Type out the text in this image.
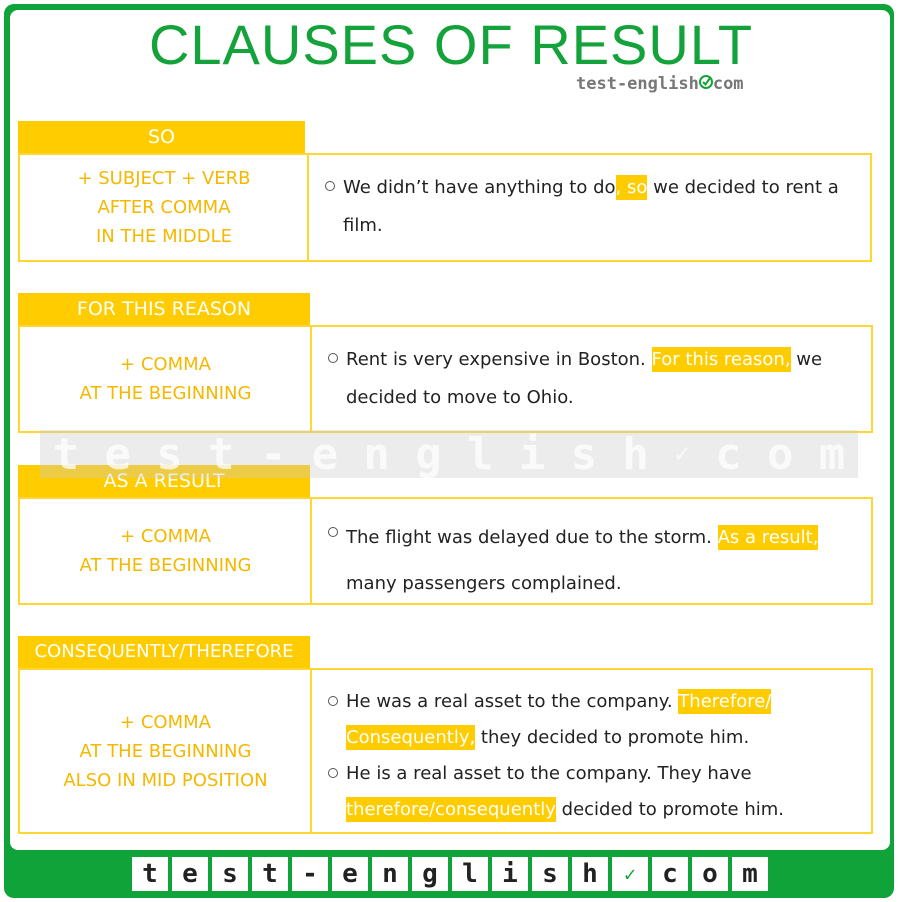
CLAUSES OF RESULT
test-english com
SO
+ SUBJECT + VERB
AFTER COMMA
IN THE MIDDLE
We didn’t have anything to do, so we decided to rent a film.
FOR THIS REASON
+ COMMA
AT THE BEGINNING
Rent is very expensive in Boston. For this reason, we decided to move to Ohio.
AS A RESULT
+ COMMA
AT THE BEGINNING
The flight was delayed due to the storm. As a result, many passengers complained.
CONSEQUENTLY/THEREFORE
+ COMMA
AT THE BEGINNING
ALSO IN MID POSITION
He was a real asset to the company. Therefore/ Consequently, they decided to promote him.
He is a real asset to the company. They have therefore/consequently decided to promote him.
t e s t - e n g l i s h ✓ c o m
t e s t - e n g l i s h	✓	c o m
